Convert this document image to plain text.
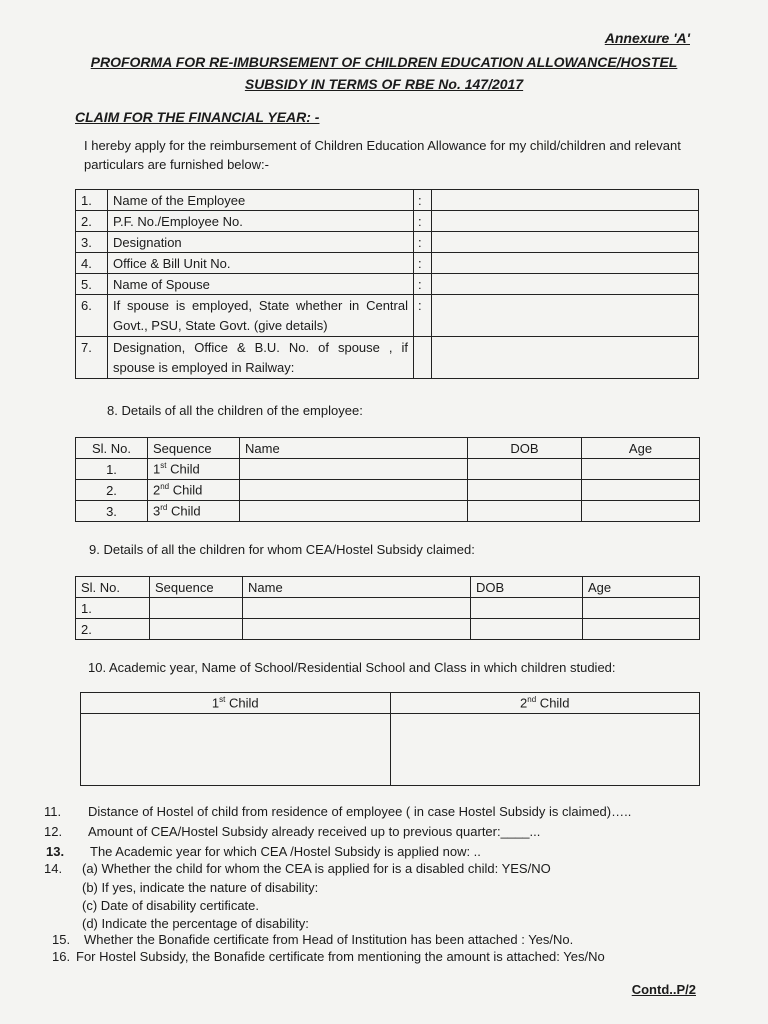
Annexure 'A'
PROFORMA FOR RE-IMBURSEMENT OF CHILDREN EDUCATION ALLOWANCE/HOSTEL
SUBSIDY IN TERMS OF RBE No. 147/2017
CLAIM FOR THE FINANCIAL YEAR: -
I hereby apply for the reimbursement of Children Education Allowance for my child/children and relevant particulars are furnished below:-
1.	Name of the Employee	:	
2.	P.F. No./Employee No.	:	
3.	Designation	:	
4.	Office & Bill Unit No.	:	
5.	Name of Spouse	:	
6.	If spouse is employed, State whether in Central Govt., PSU, State Govt. (give details)	:	
7.	Designation, Office & B.U. No. of spouse , if spouse is employed in Railway:		
8. Details of all the children of the employee:
Sl. No.	Sequence	Name	DOB	Age
1.	1st Child			
2.	2nd Child			
3.	3rd Child			
9. Details of all the children for whom CEA/Hostel Subsidy claimed:
Sl. No.	Sequence	Name	DOB	Age
1.				
2.				
10. Academic year, Name of School/Residential School and Class in which children studied:
1st Child	2nd Child

11. Distance of Hostel of child from residence of employee ( in case Hostel Subsidy is claimed)…..
12. Amount of CEA/Hostel Subsidy already received up to previous quarter:____...
13. The Academic year for which CEA /Hostel Subsidy is applied now: ..
14. (a) Whether the child for whom the CEA is applied for is a disabled child: YES/NO
(b) If yes, indicate the nature of disability:
(c) Date of disability certificate.
(d) Indicate the percentage of disability:
15. Whether the Bonafide certificate from Head of Institution has been attached : Yes/No.
16. For Hostel Subsidy, the Bonafide certificate from mentioning the amount is attached: Yes/No
Contd..P/2
